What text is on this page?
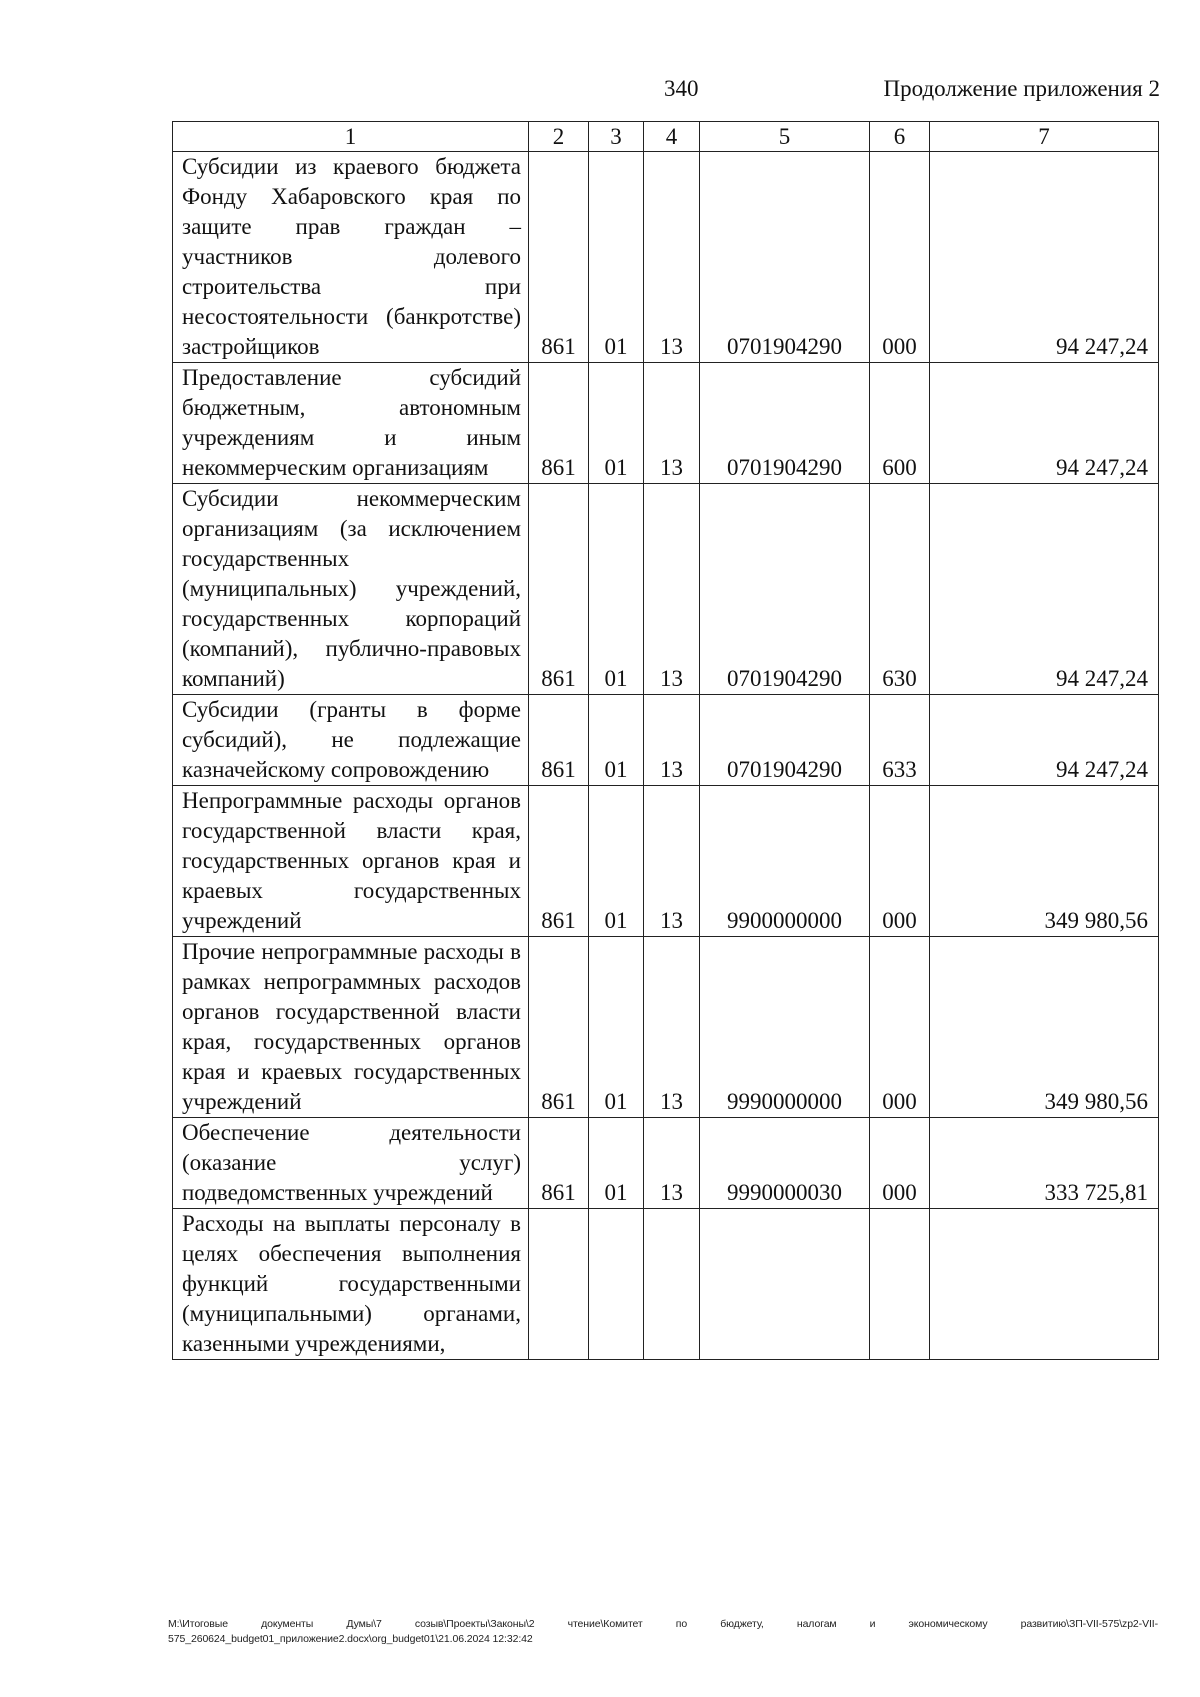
340	Продолжение приложения 2
1	2	3	4	5	6	7
Субсидии из краевого бюджета Фонду Хабаровского края по защите прав граждан – участников долевого строительства при несостоятельности (банкротстве) застройщиков	861	01	13	0701904290	000	94 247,24
Предоставление субсидий бюджетным, автономным учреждениям и иным некоммерческим организациям	861	01	13	0701904290	600	94 247,24
Субсидии некоммерческим организациям (за исключением государственных (муниципальных) учреждений, государственных корпораций (компаний), публично-правовых компаний)	861	01	13	0701904290	630	94 247,24
Субсидии (гранты в форме субсидий), не подлежащие казначейскому сопровождению	861	01	13	0701904290	633	94 247,24
Непрограммные расходы органов государственной власти края, государственных органов края и краевых государственных учреждений	861	01	13	9900000000	000	349 980,56
Прочие непрограммные расходы в рамках непрограммных расходов органов государственной власти края, государственных органов края и краевых государственных учреждений	861	01	13	9990000000	000	349 980,56
Обеспечение деятельности (оказание услуг) подведомственных учреждений	861	01	13	9990000030	000	333 725,81
Расходы на выплаты персоналу в целях обеспечения выполнения функций государственными (муниципальными) органами, казенными учреждениями,						
M:\Итоговые документы Думы\7 созыв\Проекты\Законы\2 чтение\Комитет по бюджету, налогам и экономическому развитию\ЗП-VII-575\zp2-VII-575_260624_budget01_приложение2.docx\org_budget01\21.06.2024 12:32:42
